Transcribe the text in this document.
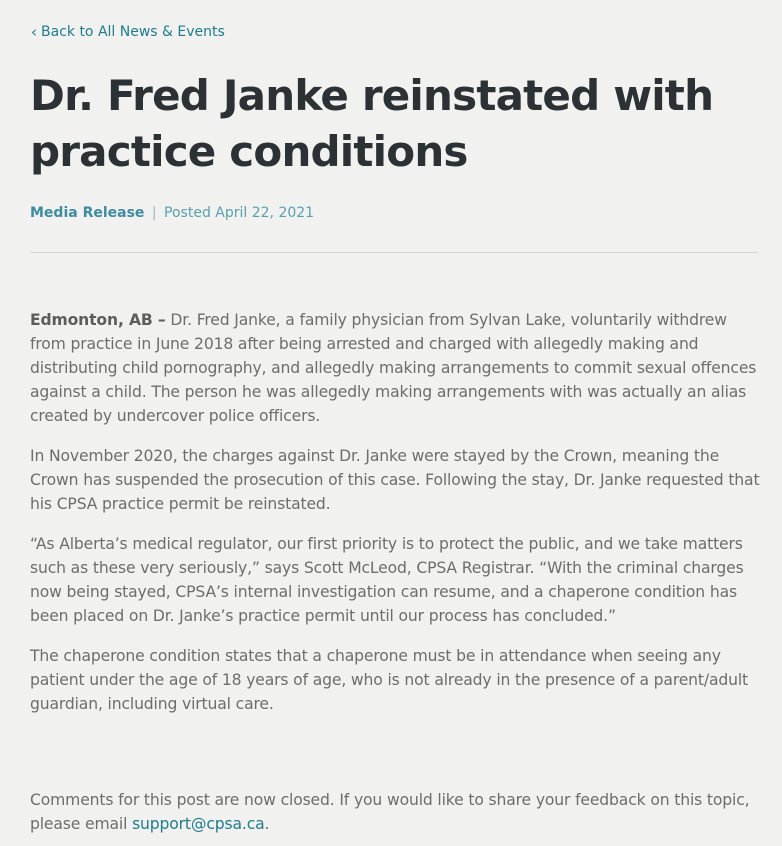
‹ Back to All News & Events
Dr. Fred Janke reinstated with practice conditions
Media Release | Posted April 22, 2021

Edmonton, AB – Dr. Fred Janke, a family physician from Sylvan Lake, voluntarily withdrew from practice in June 2018 after being arrested and charged with allegedly making and distributing child pornography, and allegedly making arrangements to commit sexual offences against a child. The person he was allegedly making arrangements with was actually an alias created by undercover police officers.

In November 2020, the charges against Dr. Janke were stayed by the Crown, meaning the Crown has suspended the prosecution of this case. Following the stay, Dr. Janke requested that his CPSA practice permit be reinstated.

“As Alberta’s medical regulator, our first priority is to protect the public, and we take matters such as these very seriously,” says Scott McLeod, CPSA Registrar. “With the criminal charges now being stayed, CPSA’s internal investigation can resume, and a chaperone condition has been placed on Dr. Janke’s practice permit until our process has concluded.”

The chaperone condition states that a chaperone must be in attendance when seeing any patient under the age of 18 years of age, who is not already in the presence of a parent/adult guardian, including virtual care.

Comments for this post are now closed. If you would like to share your feedback on this topic, please email support@cpsa.ca.
